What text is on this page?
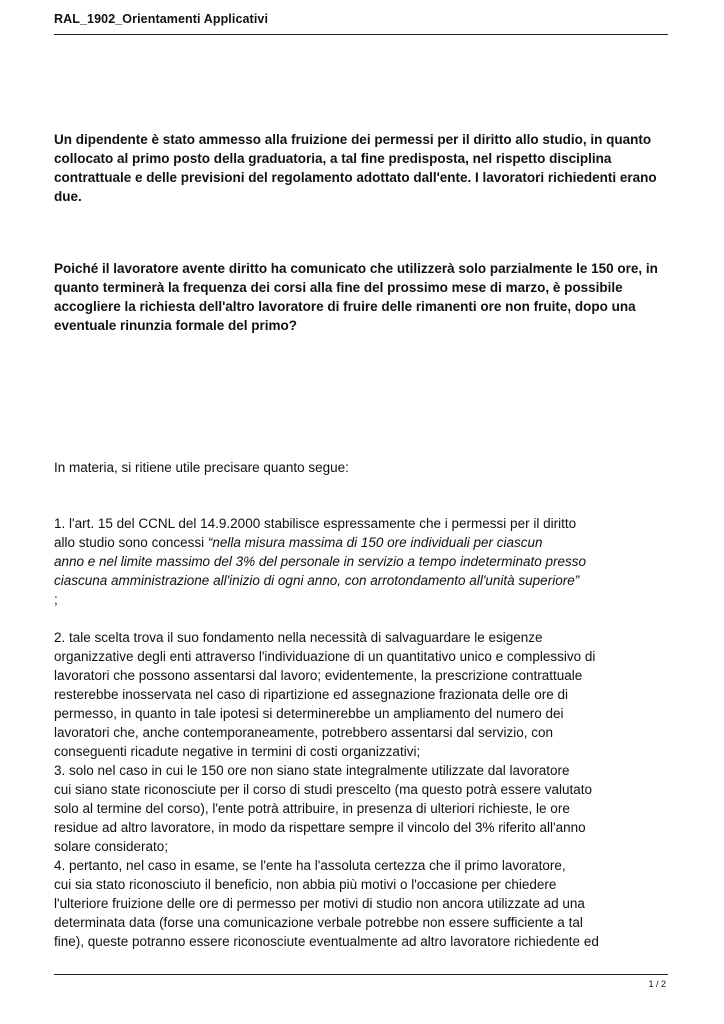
RAL_1902_Orientamenti Applicativi
Un dipendente è stato ammesso alla fruizione dei permessi per il diritto allo studio, in quanto collocato al primo posto della graduatoria, a tal fine predisposta, nel rispetto disciplina contrattuale e delle previsioni del regolamento adottato dall'ente. I lavoratori richiedenti erano due.
Poiché il lavoratore avente diritto ha comunicato che utilizzerà solo parzialmente le 150 ore, in quanto terminerà la frequenza dei corsi alla fine del prossimo mese di marzo, è possibile accogliere la richiesta dell'altro lavoratore di fruire delle rimanenti ore non fruite, dopo una eventuale rinunzia formale del primo?
In materia, si ritiene utile precisare quanto segue:

1. l'art. 15 del CCNL del 14.9.2000 stabilisce espressamente che i permessi per il diritto
allo studio sono concessi “nella misura massima di 150 ore individuali per ciascun
anno e nel limite massimo del 3% del personale in servizio a tempo indeterminato presso
ciascuna amministrazione all'inizio di ogni anno, con arrotondamento all'unità superiore”
;

2. tale scelta trova il suo fondamento nella necessità di salvaguardare le esigenze
organizzative degli enti attraverso l'individuazione di un quantitativo unico e complessivo di
lavoratori che possono assentarsi dal lavoro; evidentemente, la prescrizione contrattuale
resterebbe inosservata nel caso di ripartizione ed assegnazione frazionata delle ore di
permesso, in quanto in tale ipotesi si determinerebbe un ampliamento del numero dei
lavoratori che, anche contemporaneamente, potrebbero assentarsi dal servizio, con
conseguenti ricadute negative in termini di costi organizzativi;

3. solo nel caso in cui le 150 ore non siano state integralmente utilizzate dal lavoratore
cui siano state riconosciute per il corso di studi prescelto (ma questo potrà essere valutato
solo al termine del corso), l'ente potrà attribuire, in presenza di ulteriori richieste, le ore
residue ad altro lavoratore, in modo da rispettare sempre il vincolo del 3% riferito all'anno
solare considerato;

4. pertanto, nel caso in esame, se l'ente ha l'assoluta certezza che il primo lavoratore,
cui sia stato riconosciuto il beneficio, non abbia più motivi o l'occasione per chiedere
l'ulteriore fruizione delle ore di permesso per motivi di studio non ancora utilizzate ad una
determinata data (forse una comunicazione verbale potrebbe non essere sufficiente a tal
fine), queste potranno essere riconosciute eventualmente ad altro lavoratore richiedente ed

1 / 2
